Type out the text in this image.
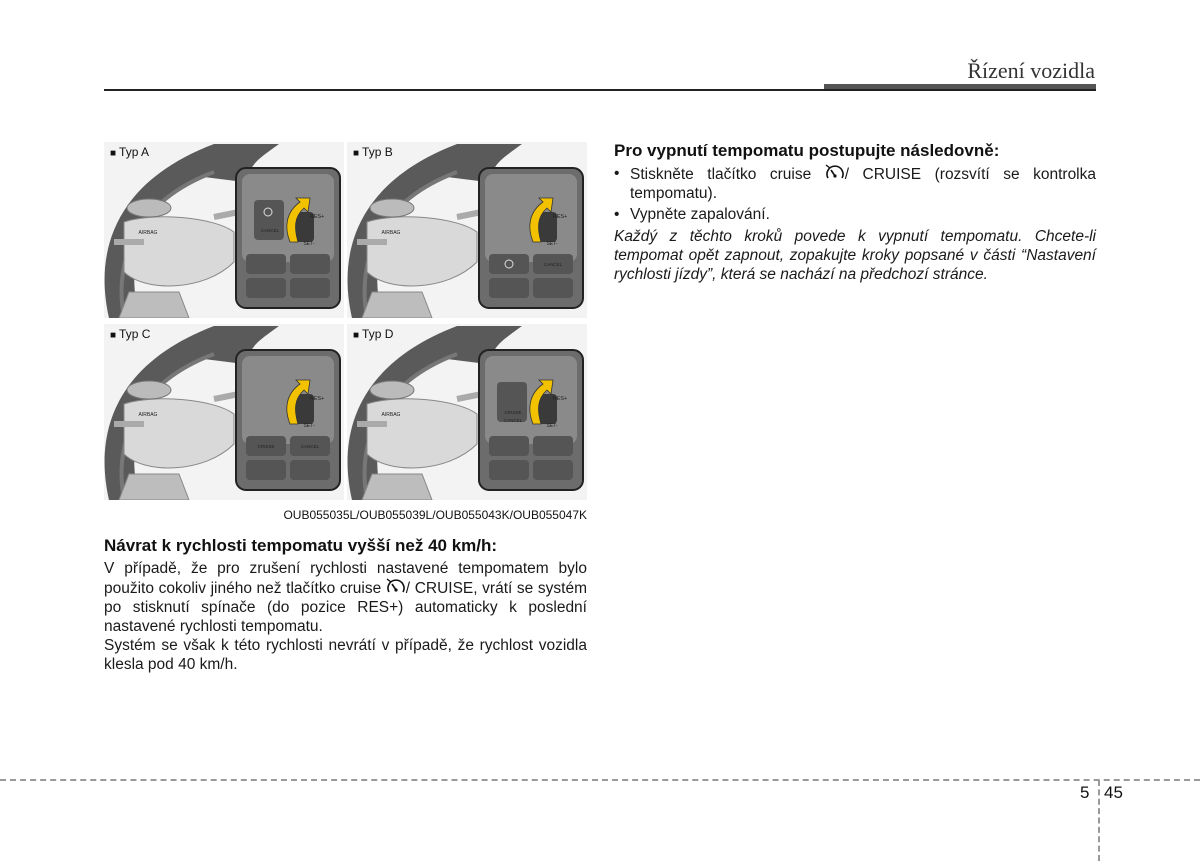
Řízení vozidla
■ Typ A
AIRBAG
RES+
SET-
CANCEL
■ Typ B
AIRBAG
RES+
SET-
CANCEL
■ Typ C
AIRBAG
RES+
SET-
CRUISE	CANCEL
■ Typ D
AIRBAG
RES+
SET-
CRUISE
CANCEL
OUB055035L/OUB055039L/OUB055043K/OUB055047K
Návrat k rychlosti tempomatu vyšší než 40 km/h:

V případě, že pro zrušení rychlosti nastavené tempomatem bylo použito cokoliv jiného než tlačítko cruise / CRUISE, vrátí se systém po stisknutí spínače (do pozice RES+) automaticky k poslední nastavené rychlosti tempomatu.

Systém se však k této rychlosti nevrátí v případě, že rychlost vozidla klesla pod 40 km/h.

Pro vypnutí tempomatu postupujte následovně:
• Stiskněte tlačítko cruise / CRUISE (rozsvítí se kontrolka tempomatu).
• Vypněte zapalování.
Každý z těchto kroků povede k vypnutí tempomatu. Chcete-li tempomat opět zapnout, zopakujte kroky popsané v části “Nastavení rychlosti jízdy”, která se nachází na předchozí stránce.
5 45
